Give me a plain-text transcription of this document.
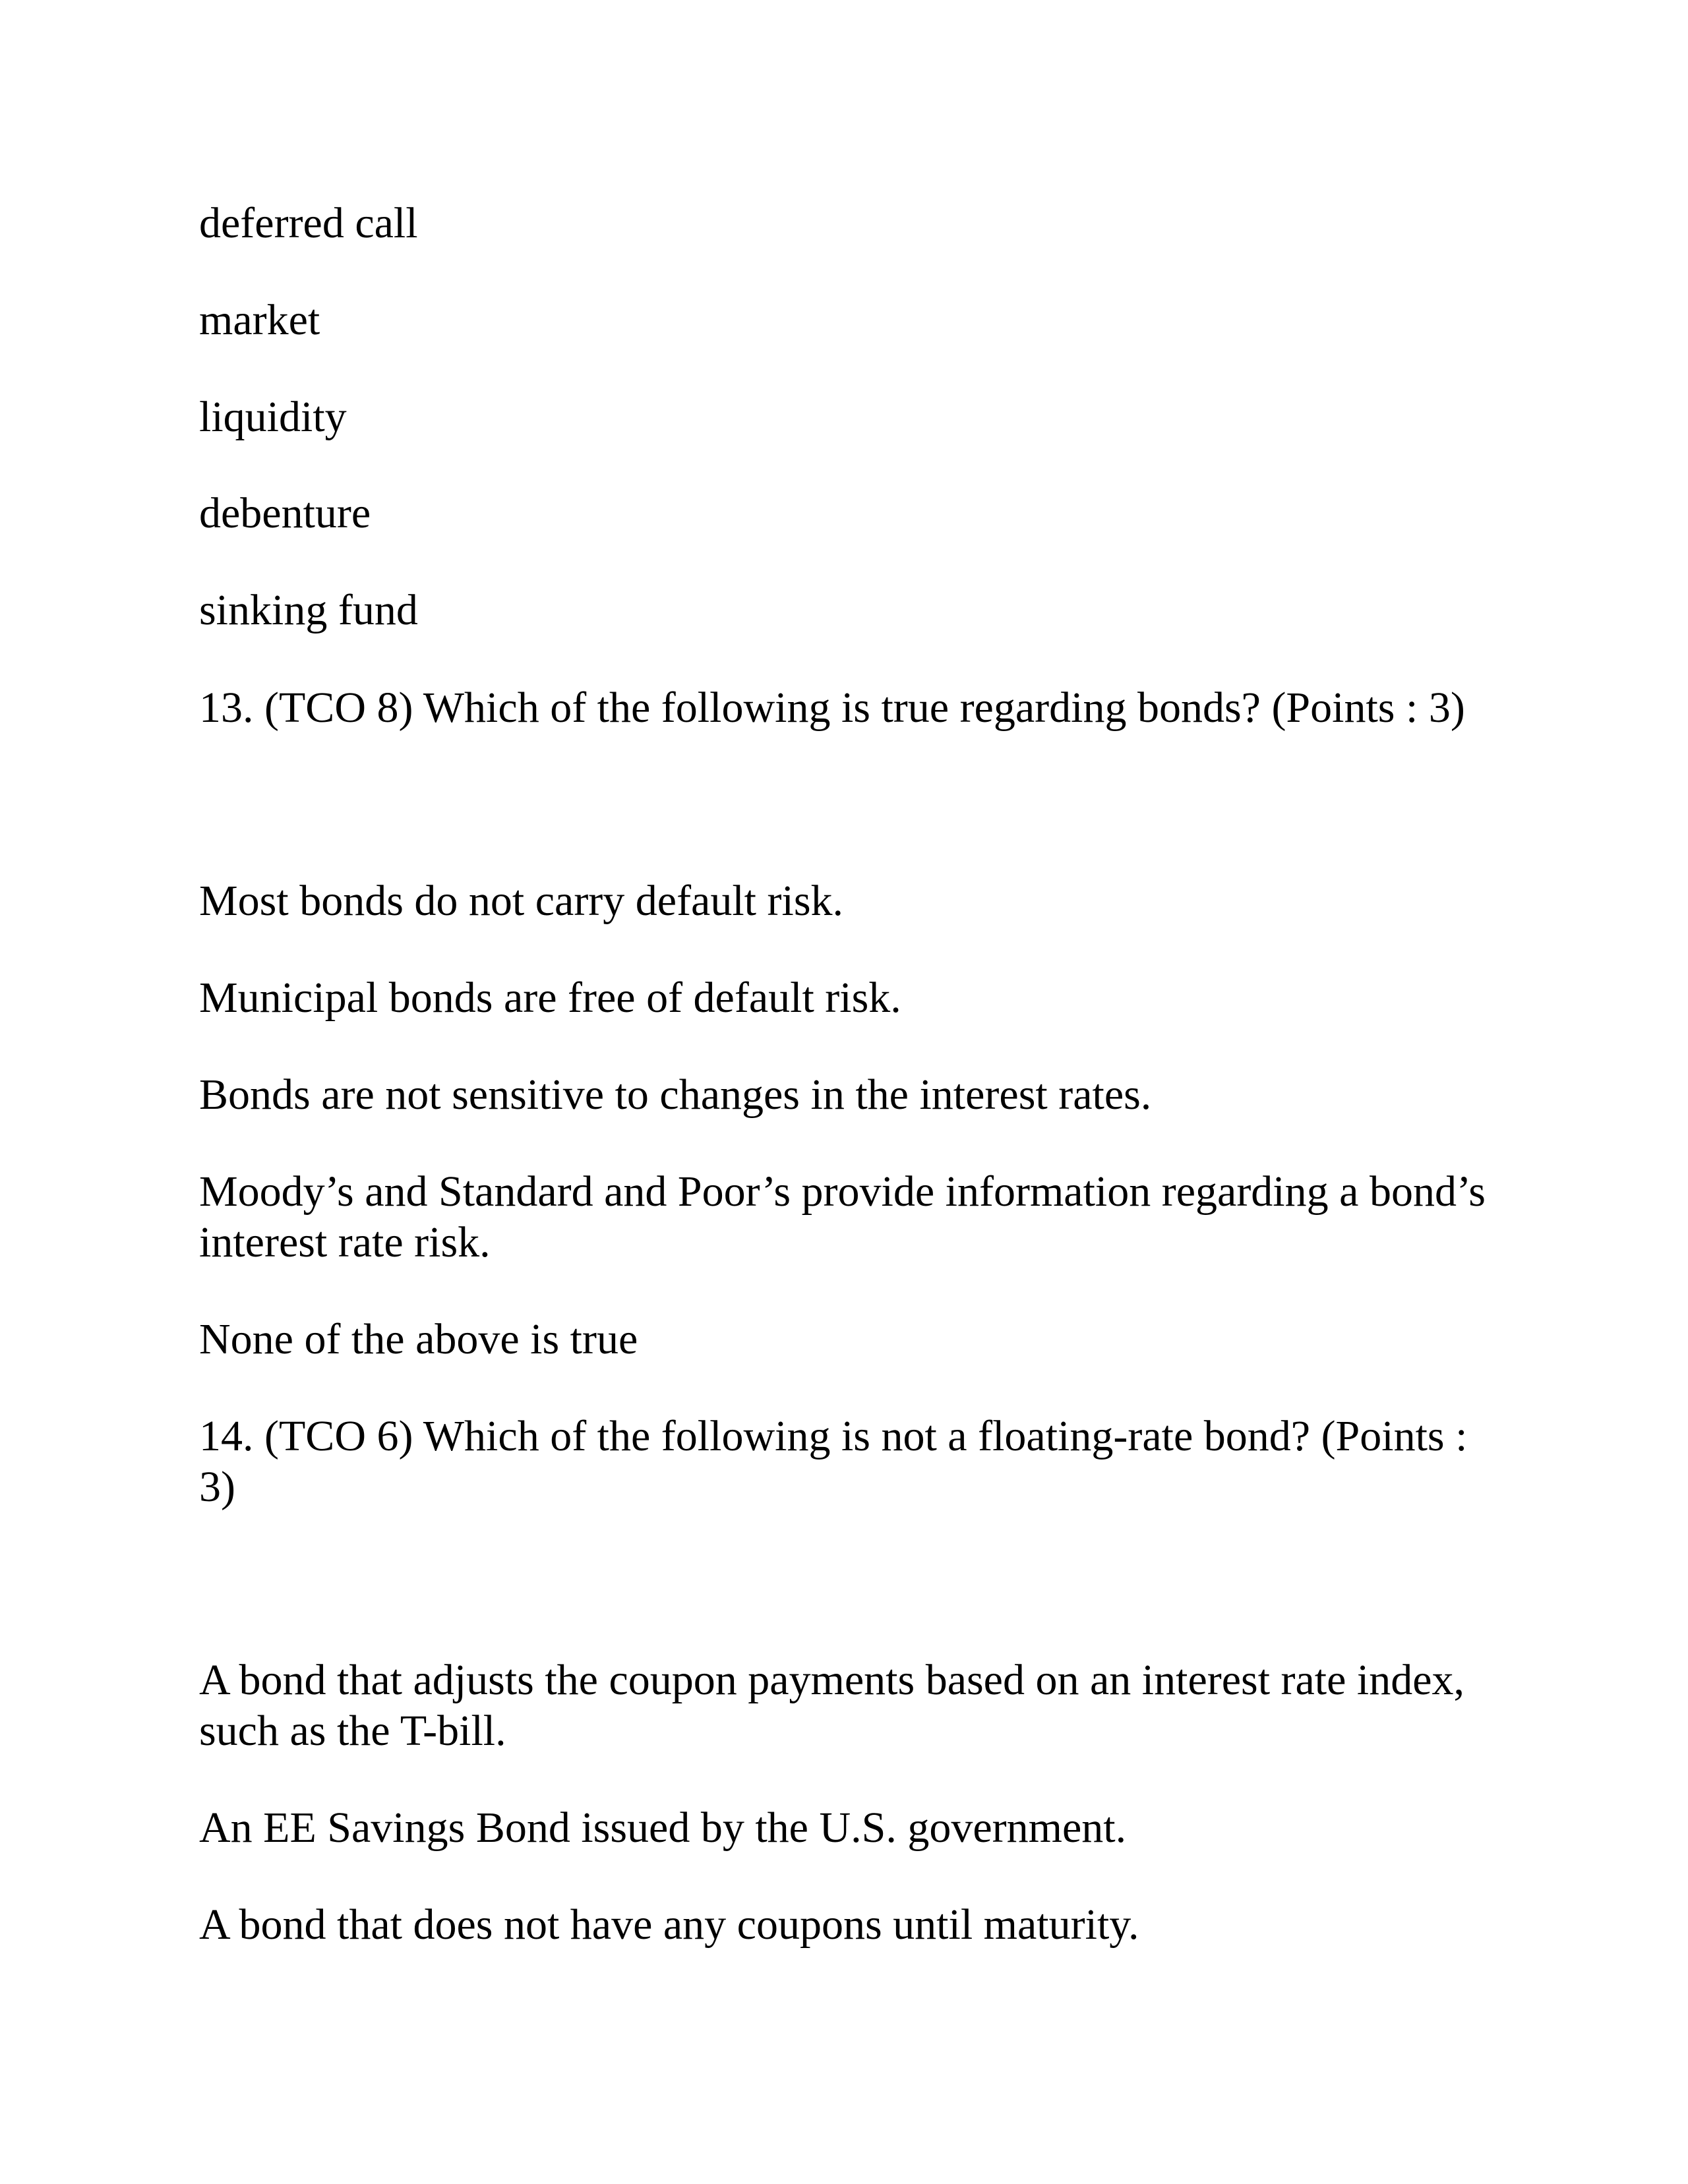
deferred call
market
liquidity
debenture
sinking fund
13. (TCO 8) Which of the following is true regarding bonds? (Points : 3)
Most bonds do not carry default risk.
Municipal bonds are free of default risk.
Bonds are not sensitive to changes in the interest rates.
Moody’s and Standard and Poor’s provide information regarding a bond’s interest rate risk.
None of the above is true
14. (TCO 6) Which of the following is not a floating-rate bond? (Points : 3)
A bond that adjusts the coupon payments based on an interest rate index, such as the T-bill.
An EE Savings Bond issued by the U.S. government.
A bond that does not have any coupons until maturity.
